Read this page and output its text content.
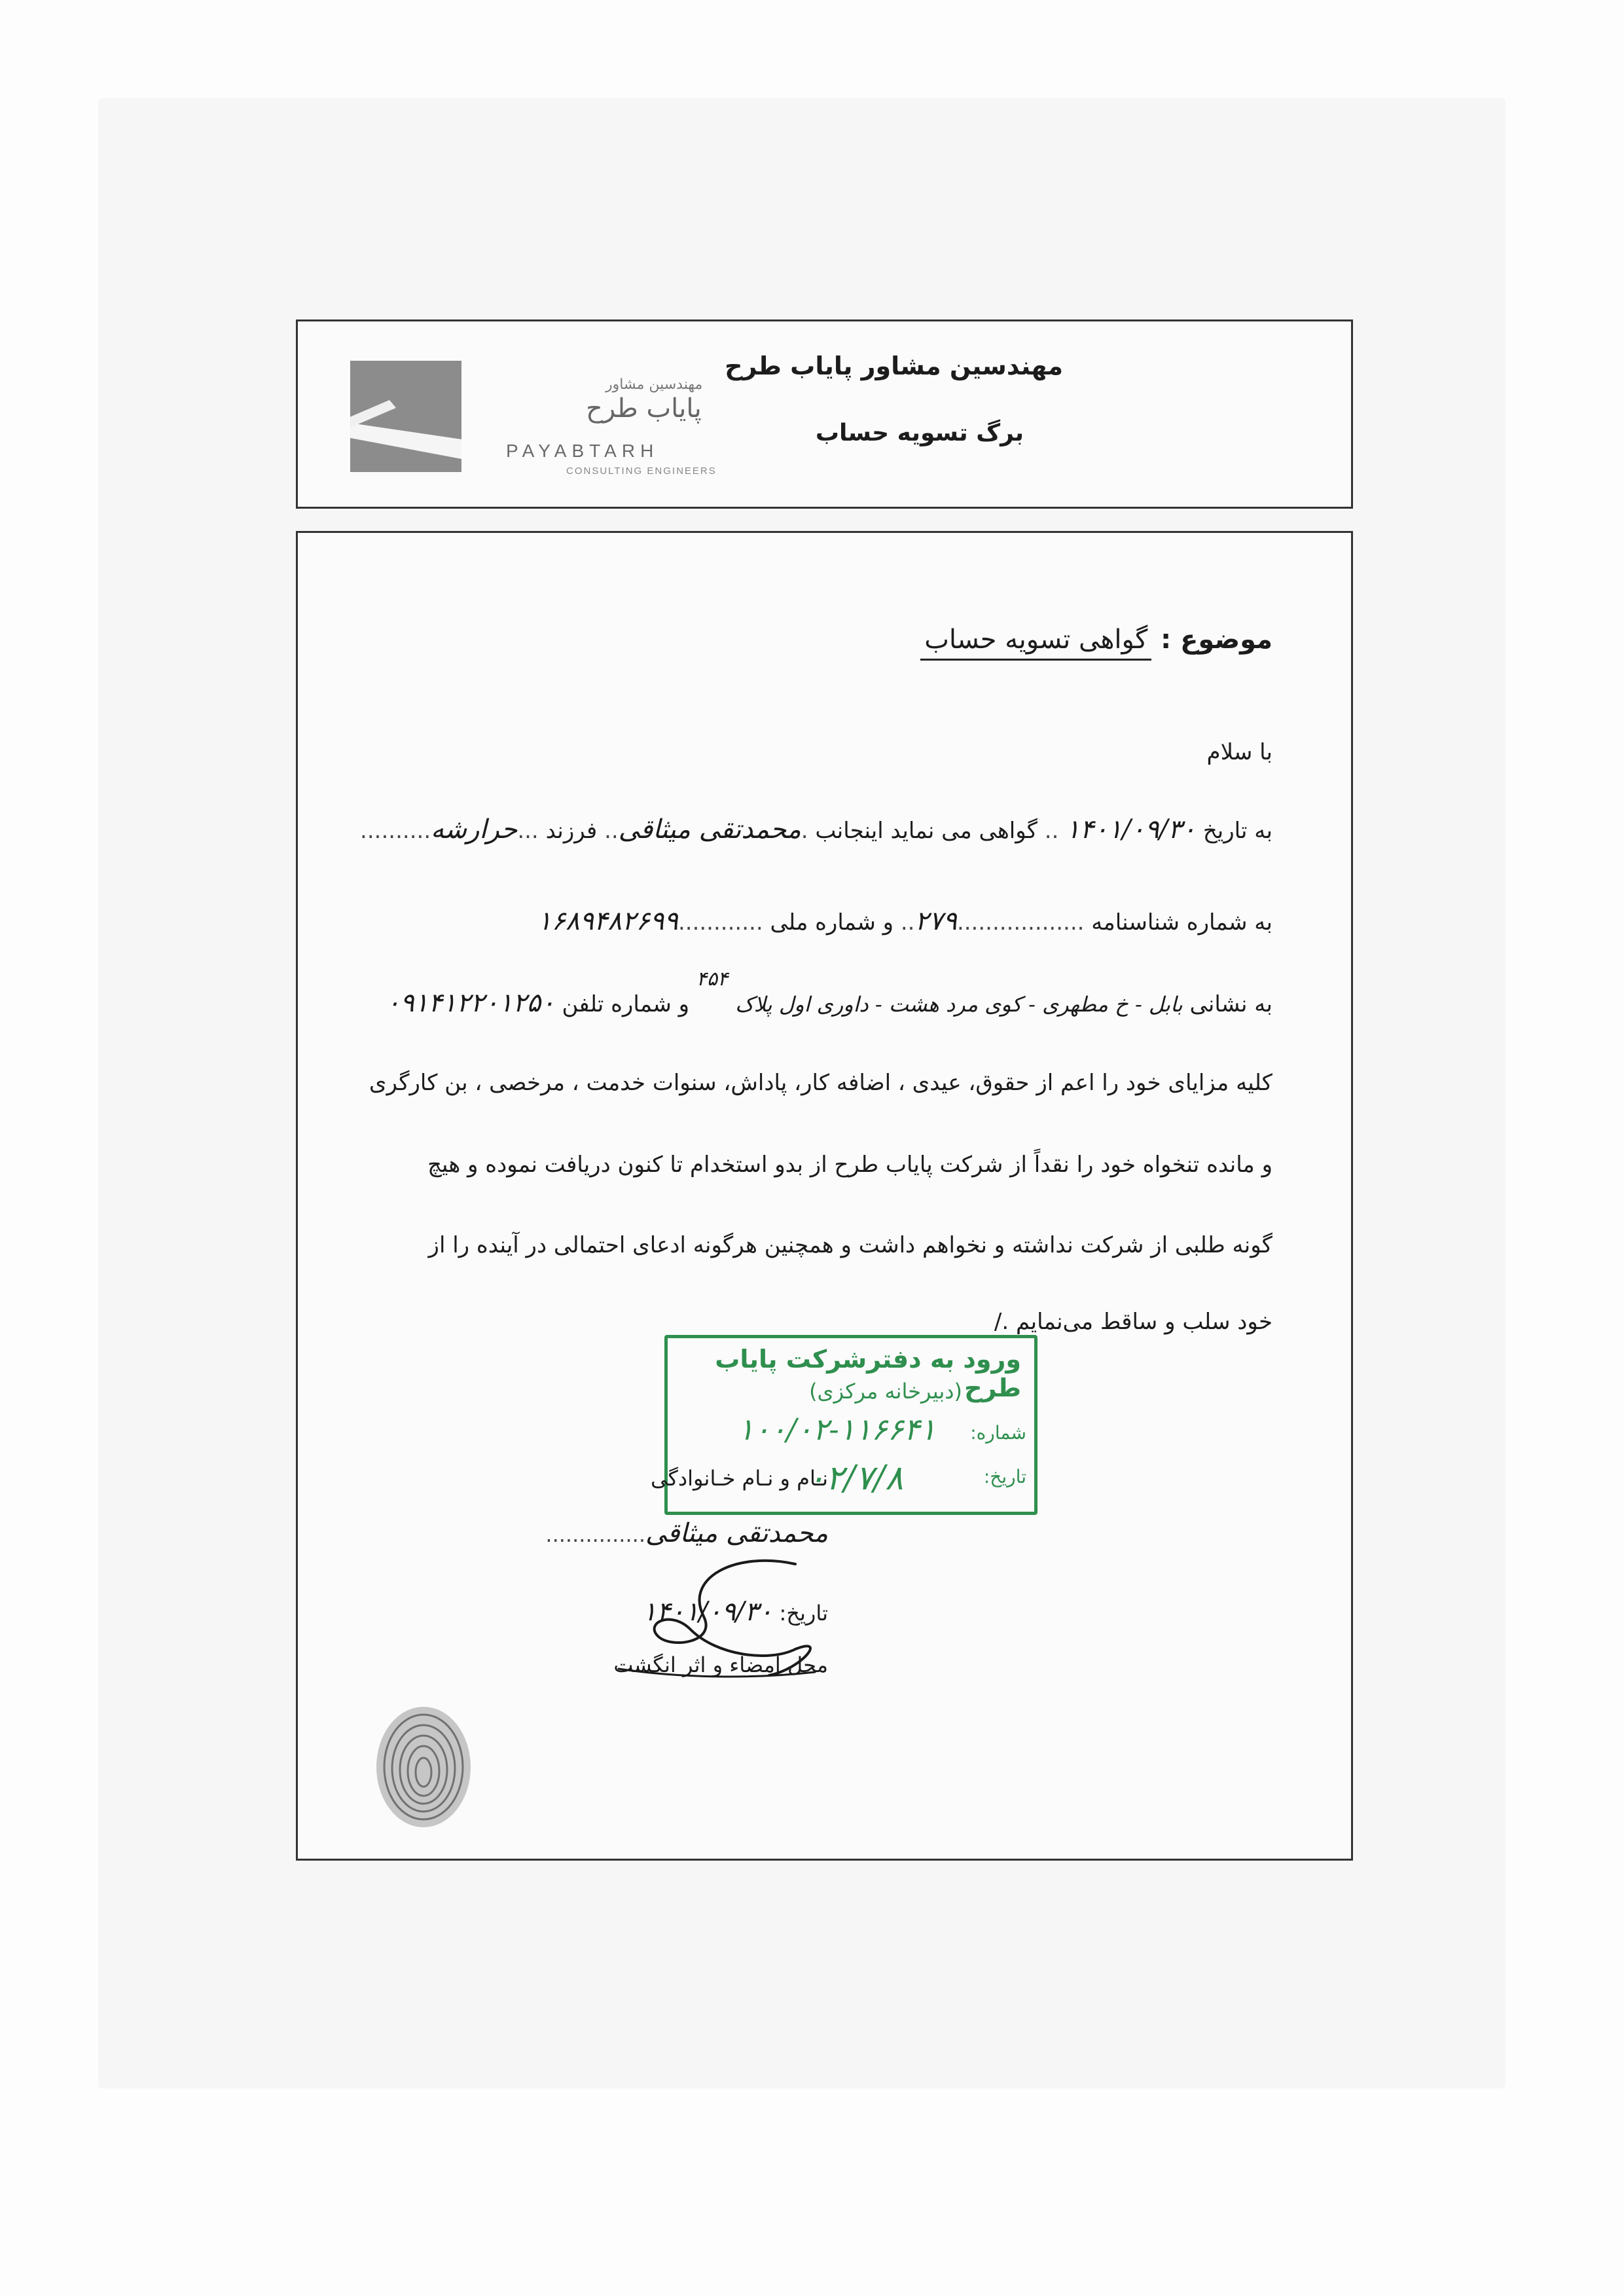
مهندسین مشاور
پایاب طرح
PAYABTARH
CONSULTING ENGINEERS
مهندسین مشاور پایاب طرح
برگ تسویه حساب
موضوع : گواهی تسویه حساب
با سلام
به تاریخ ۱۴۰۱/۰۹/۳۰ .. گواهی می نماید اینجانب .محمدتقی میثاقی.. فرزند ...حرارشه..........
به شماره شناسنامه ..................۲۷۹.. و شماره ملی ............۱۶۸۹۴۸۲۶۹۹
به نشانی بابل - خ مطهری - کوی مرد هشت - داوری اول پلاک ۴۵۴ و شماره تلفن ۰۹۱۴۱۲۲۰۱۲۵۰
کلیه مزایای خود را اعم از حقوق، عیدی ، اضافه کار، پاداش، سنوات خدمت ، مرخصی ، بن کارگری
و مانده تنخواه خود را نقداً از شرکت پایاب طرح از بدو استخدام تا کنون دریافت نموده و هیچ
گونه طلبی از شرکت نداشته و نخواهم داشت و همچنین هرگونه ادعای احتمالی در آینده را از
خود سلب و ساقط می‌نمایم ./
ورود به دفترشرکت پایاب طرح
(دبیرخانه مرکزی)
شماره:
۱۰۰/۰۲-۱۱۶۶۴۱
تاریخ:
۰۲/۷/۸
نـام و نـام خـانوادگی
محمدتقی میثاقی...............
تاریخ: ۱۴۰۱/۰۹/۳۰
محل امضاء و اثر انگشت
